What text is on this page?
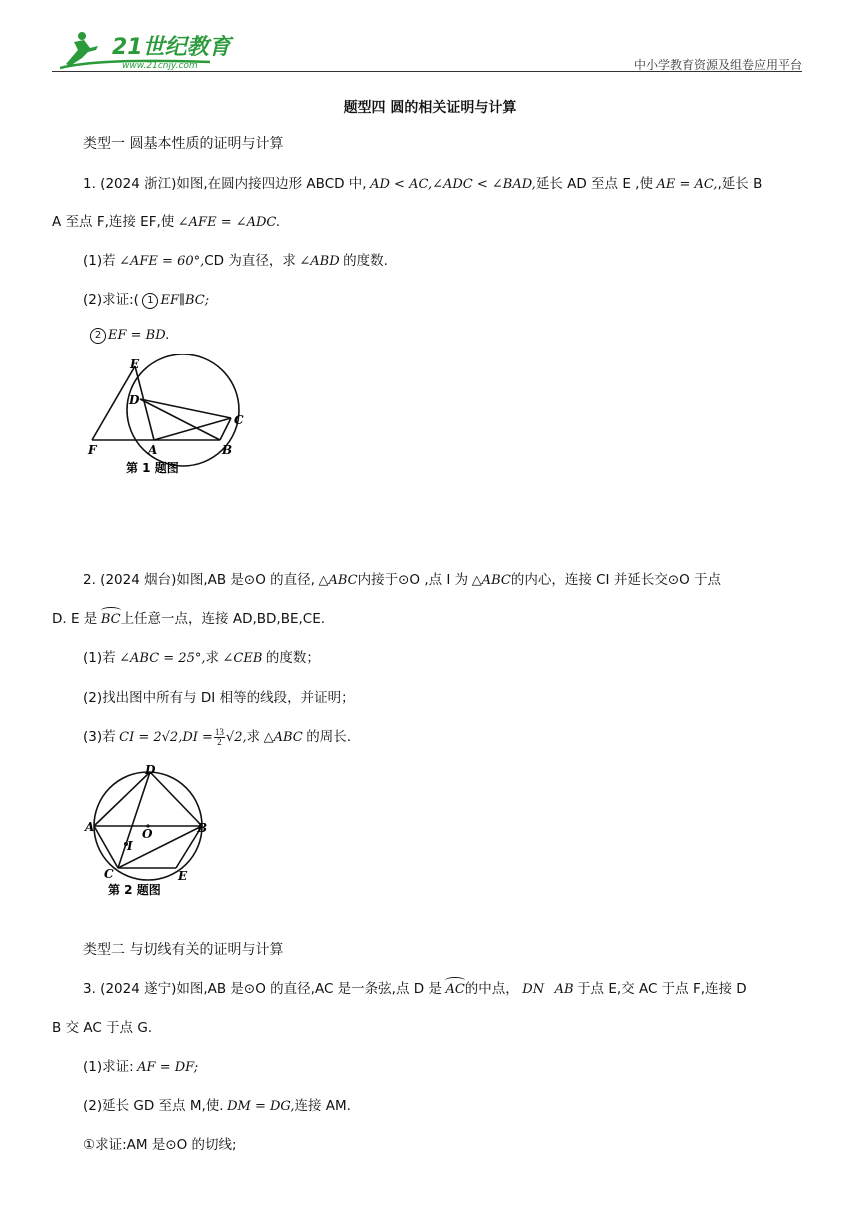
21世纪教育
www.21cnjy.com	中小学教育资源及组卷应用平台
题型四 圆的相关证明与计算
类型一 圆基本性质的证明与计算
1. (2024 浙江)如图,在圆内接四边形 ABCD 中, AD < AC,∠ADC < ∠BAD,延长 AD 至点 E ,使 AE = AC,,延长 B
A 至点 F,连接 EF,使 ∠AFE = ∠ADC.
(1)若 ∠AFE = 60°,CD 为直径，求 ∠ABD 的度数.
(2)求证:( 1 EF∥BC;
2 EF = BD.
E
D
C
F	A	B
第 1 题图
2. (2024 烟台)如图,AB 是⊙O 的直径, △ABC内接于⊙O ,点 I 为 △ABC的内心，连接 CI 并延长交⊙O 于点
D. E 是 BC上任意一点，连接 AD,BD,BE,CE.
(1)若 ∠ABC = 25°,求 ∠CEB 的度数；
(2)找出图中所有与 DI 相等的线段，并证明；
(3)若 CI = $2√2,DI = \frac{13}{2} √2$,求 △ABC 的周长.
D
A	O	B
I
C	E
第 2 题图
类型二 与切线有关的证明与计算
3. (2024 遂宁)如图,AB 是⊙O 的直径,AC 是一条弦,点 D 是 AC的中点， DN AB 于点 E,交 AC 于点 F,连接 D
B 交 AC 于点 G.
(1)求证: AF = DF;
(2)延长 GD 至点 M,使. DM = DG,连接 AM.
①求证:AM 是⊙O 的切线;
